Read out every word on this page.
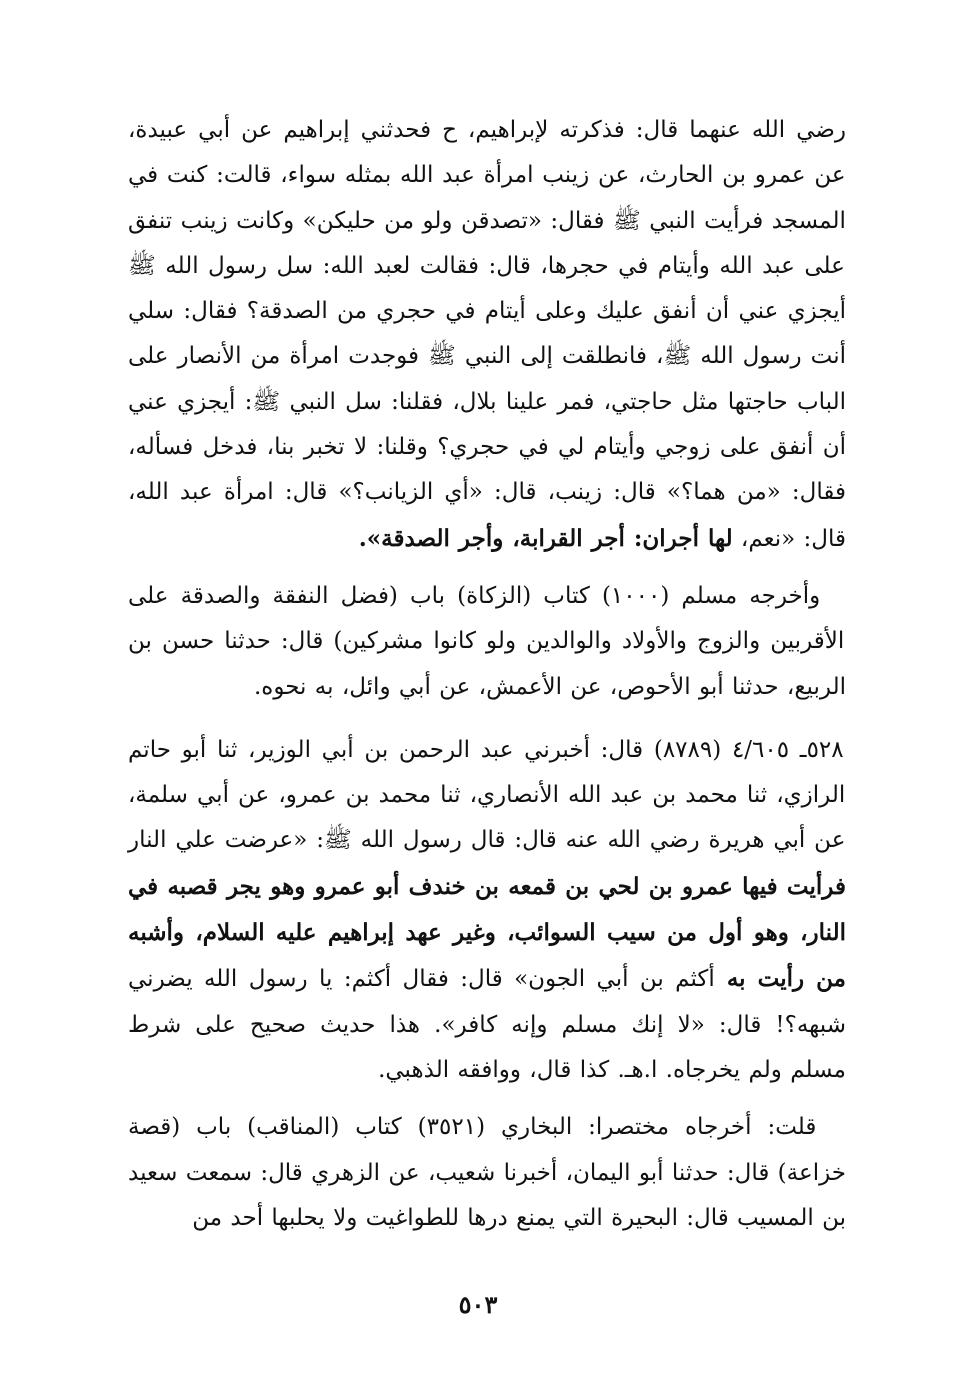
رضي الله عنهما قال: فذكرته لإبراهيم، ح فحدثني إبراهيم عن أبي عبيدة، عن عمرو بن الحارث، عن زينب امرأة عبد الله بمثله سواء، قالت: كنت في المسجد فرأيت النبي ﷺ فقال: «تصدقن ولو من حليكن» وكانت زينب تنفق على عبد الله وأيتام في حجرها، قال: فقالت لعبد الله: سل رسول الله ﷺ أيجزي عني أن أنفق عليك وعلى أيتام في حجري من الصدقة؟ فقال: سلي أنت رسول الله ﷺ، فانطلقت إلى النبي ﷺ فوجدت امرأة من الأنصار على الباب حاجتها مثل حاجتي، فمر علينا بلال، فقلنا: سل النبي ﷺ: أيجزي عني أن أنفق على زوجي وأيتام لي في حجري؟ وقلنا: لا تخبر بنا، فدخل فسأله، فقال: «من هما؟» قال: زينب، قال: «أي الزيانب؟» قال: امرأة عبد الله، قال: «نعم، لها أجران: أجر القرابة، وأجر الصدقة».

وأخرجه مسلم (١٠٠٠) كتاب (الزكاة) باب (فضل النفقة والصدقة على الأقربين والزوج والأولاد والوالدين ولو كانوا مشركين) قال: حدثنا حسن بن الربيع، حدثنا أبو الأحوص، عن الأعمش، عن أبي وائل، به نحوه.

٥٢٨ـ ٤/٦٠٥ (٨٧٨٩) قال: أخبرني عبد الرحمن بن أبي الوزير، ثنا أبو حاتم الرازي، ثنا محمد بن عبد الله الأنصاري، ثنا محمد بن عمرو، عن أبي سلمة، عن أبي هريرة رضي الله عنه قال: قال رسول الله ﷺ: «عرضت علي النار فرأيت فيها عمرو بن لحي بن قمعه بن خندف أبو عمرو وهو يجر قصبه في النار، وهو أول من سيب السوائب، وغير عهد إبراهيم عليه السلام، وأشبه من رأيت به أكثم بن أبي الجون» قال: فقال أكثم: يا رسول الله يضرني شبهه؟! قال: «لا إنك مسلم وإنه كافر». هذا حديث صحيح على شرط مسلم ولم يخرجاه. ا.هـ. كذا قال، ووافقه الذهبي.

قلت: أخرجاه مختصرا: البخاري (٣٥٢١) كتاب (المناقب) باب (قصة خزاعة) قال: حدثنا أبو اليمان، أخبرنا شعيب، عن الزهري قال: سمعت سعيد بن المسيب قال: البحيرة التي يمنع درها للطواغيت ولا يحلبها أحد من

٥٠٣
